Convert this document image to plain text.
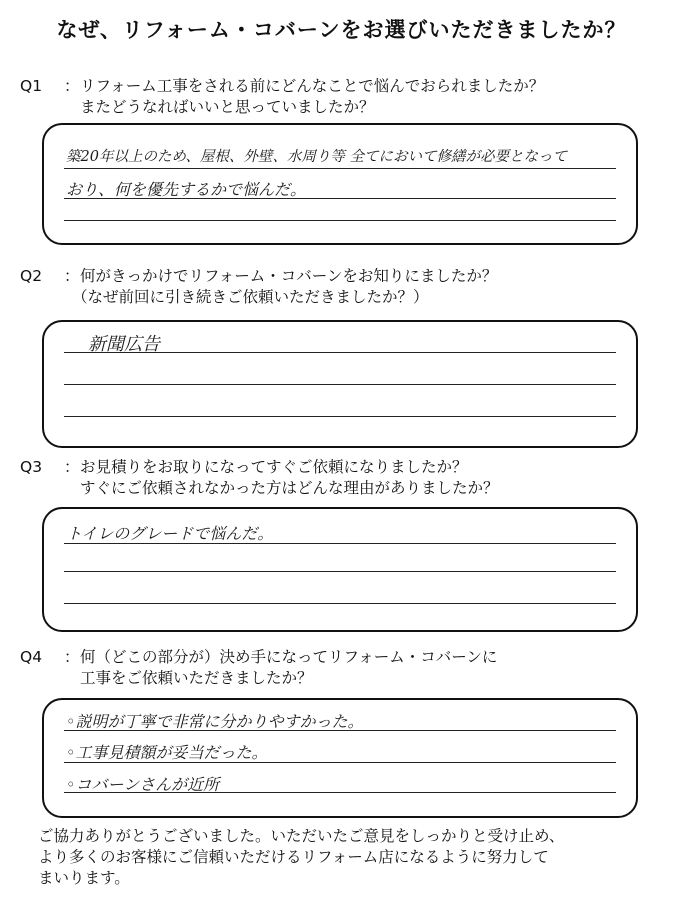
なぜ、リフォーム・コバーンをお選びいただきましたか？
Q1 ：リフォーム工事をされる前にどんなことで悩んでおられましたか？
またどうなればいいと思っていましたか？
築20年以上のため、屋根、外壁、水周り等 全てにおいて修繕が必要となって
おり、何を優先するかで悩んだ。
Q2 ：何がきっかけでリフォーム・コバーンをお知りにましたか？
（なぜ前回に引き続きご依頼いただきましたか？）
新聞広告
Q3 ：お見積りをお取りになってすぐご依頼になりましたか？
すぐにご依頼されなかった方はどんな理由がありましたか？
トイレのグレードで悩んだ。
Q4 ：何（どこの部分が）決め手になってリフォーム・コバーンに
工事をご依頼いただきましたか？
◦説明が丁寧で非常に分かりやすかった。
◦工事見積額が妥当だった。
◦コバーンさんが近所
ご協力ありがとうございました。いただいたご意見をしっかりと受け止め、
より多くのお客様にご信頼いただけるリフォーム店になるように努力して
まいります。
